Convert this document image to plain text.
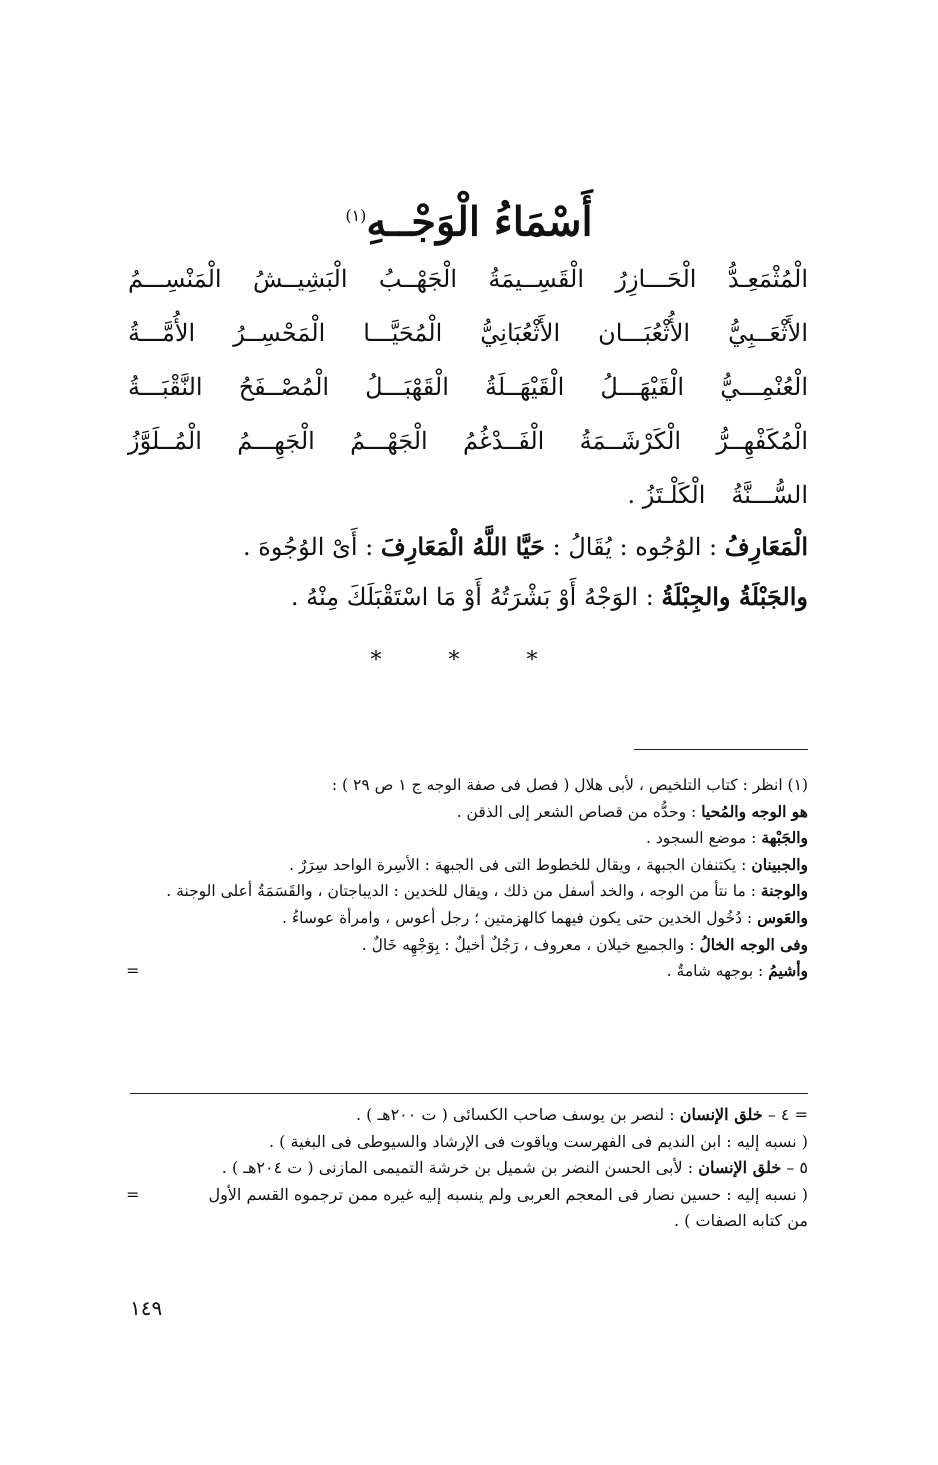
أَسْمَاءُ الْوَجْــهِ$^{(١)}$
الْمُثْمَعِـدُّ
الْحَـــازِرُ
الْقَسِــيمَةُ
الْجَهْــبُ
الْبَشِيــشُ
الْمَنْسِـــمُ
الأَثْعَــبِيُّ
الأُثْعُبَـــان
الأَثْعُبَانِيُّ
الْمُحَيَّـــا
الْمَحْسِــرُ
الأُمَّـــةُ
الْعُنْمِـــيُّ
الْقَيْهَـــلُ
الْقَيْهَــلَةُ
الْقَهْبَـــلُ
الْمُصْــفَحُ
النَّقْبَـــةُ
الْمُكَفْهِــرُّ
الْكَرْشَــمَةُ
الْفَــدْغُمُ
الْجَهْـــمُ
الْجَهِـــمُ
الْمُــلَوَّزُ
السُّـــنَّةُ
الْكَلْـتَزُ .
الْمَعَارِفُ : الوُجُوه : يُقَالُ : حَيَّا اللَّهُ الْمَعَارِفَ : أَىْ الوُجُوهَ .
والجَبْلَةُ والجِبْلَةُ : الوَجْهُ أَوْ بَشْرَتُهُ أَوْ مَا اسْتَقْبَلَكَ مِنْهُ .
* * *
(١) انظر : كتاب التلخيص ، لأبى هلال ( فصل فى صفة الوجه ج ١ ص ٢٩ ) :
هو الوجه والمُحيا : وحدُّه من قصاص الشعر إلى الذقن .
والجَبْهة : موضع السجود .
والجبينان : يكتنفان الجبهة ، ويقال للخطوط التى فى الجبهة : الأسِرة الواحد سِرَرٌ .
والوجنة : ما نتأ من الوجه ، والخد أسفل من ذلك ، ويقال للخدين : الديباجتان ، والقَسَمَةُ أعلى الوجنة .
والعَوس : دُخُول الخدين حتى يكون فيهما كالهزمتين ؛ رجل أعوس ، وامرأة عوساءُ .
وفى الوجه الخالُ : والجميع خيلان ، معروف ، رَجُلٌ أخيلٌ : بِوَجْهِه خَالٌ .
وأشيمُ : بوجهه شامةٌ .
=
= ٤ – خلق الإنسان : لنصر بن يوسف صاحب الكسائى ( ت ٢٠٠هـ ) .
( نسبه إليه : ابن النديم فى الفهرست وياقوت فى الإرشاد والسيوطى فى البغية ) .
٥ – خلق الإنسان : لأبى الحسن النضر بن شميل بن خرشة التميمى المازنى ( ت ٢٠٤هـ ) .
( نسبه إليه : حسين نصار فى المعجم العربى ولم ينسبه إليه غيره ممن ترجموه القسم الأول
=
من كتابه الصفات ) .
١٤٩
